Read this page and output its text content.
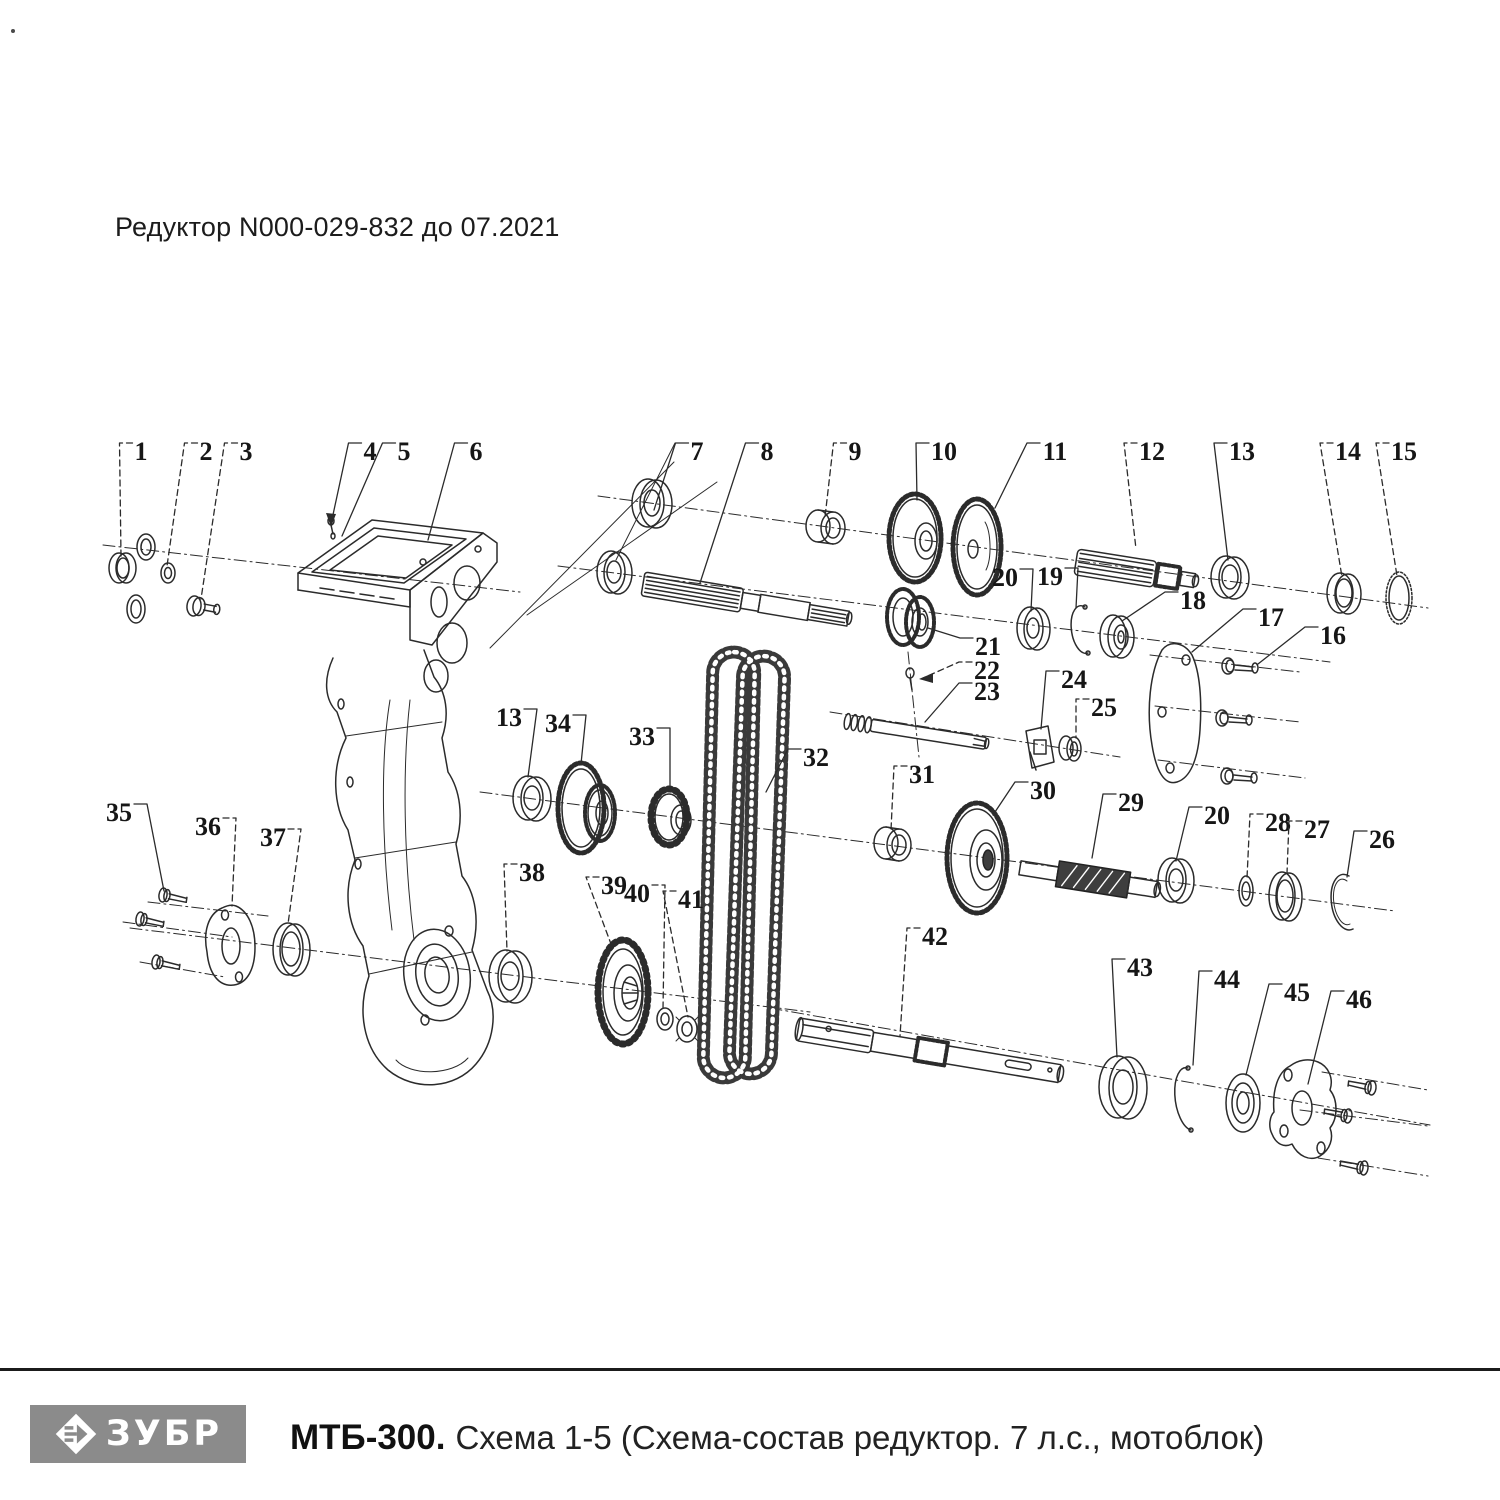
Редуктор N000-029-832 до 07.2021
1 2 3	4 5 6	7 8	9	10	11	12 13	14 15
20 19
18
17
16
21
22
23 24
25
13 34 33
32
31
30 29 20 28 27 26
35 36 37
38 39
40 41
42
43 44 45 46
ЗУБР МТБ-300. Схема 1-5 (Схема-состав редуктор. 7 л.с., мотоблок)
